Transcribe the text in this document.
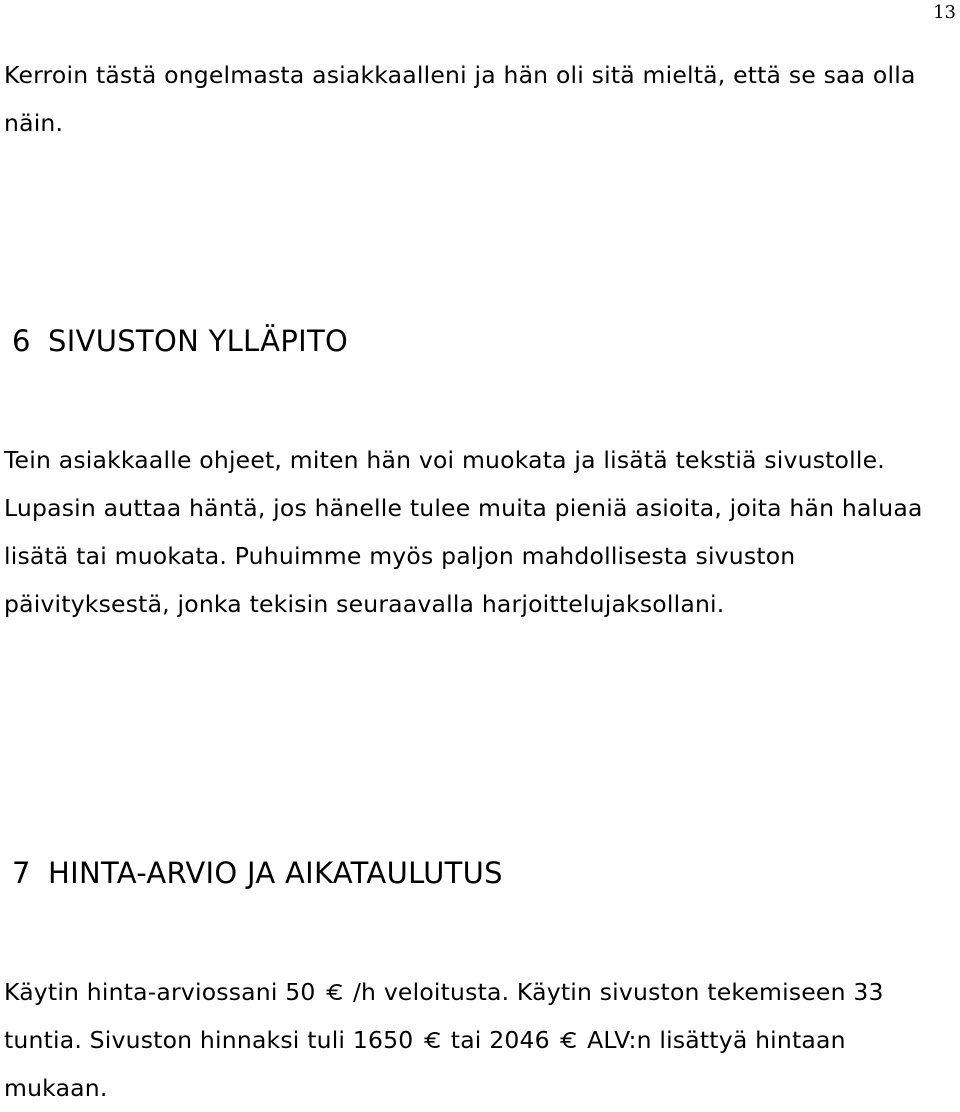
13

Kerroin tästä ongelmasta asiakkaalleni ja hän oli sitä mieltä, että se saa olla näin.

6 SIVUSTON YLLÄPITO

Tein asiakkaalle ohjeet, miten hän voi muokata ja lisätä tekstiä sivustolle. Lupasin auttaa häntä, jos hänelle tulee muita pieniä asioita, joita hän haluaa lisätä tai muokata. Puhuimme myös paljon mahdollisesta sivuston päivityksestä, jonka tekisin seuraavalla harjoittelujaksollani.

7 HINTA-ARVIO JA AIKATAULUTUS

Käytin hinta-arviossani 50 /h veloitusta. Käytin sivuston tekemiseen 33 tuntia. Sivuston hinnaksi tuli 1650 tai 2046 ALV:n lisättyä hintaan mukaan.
